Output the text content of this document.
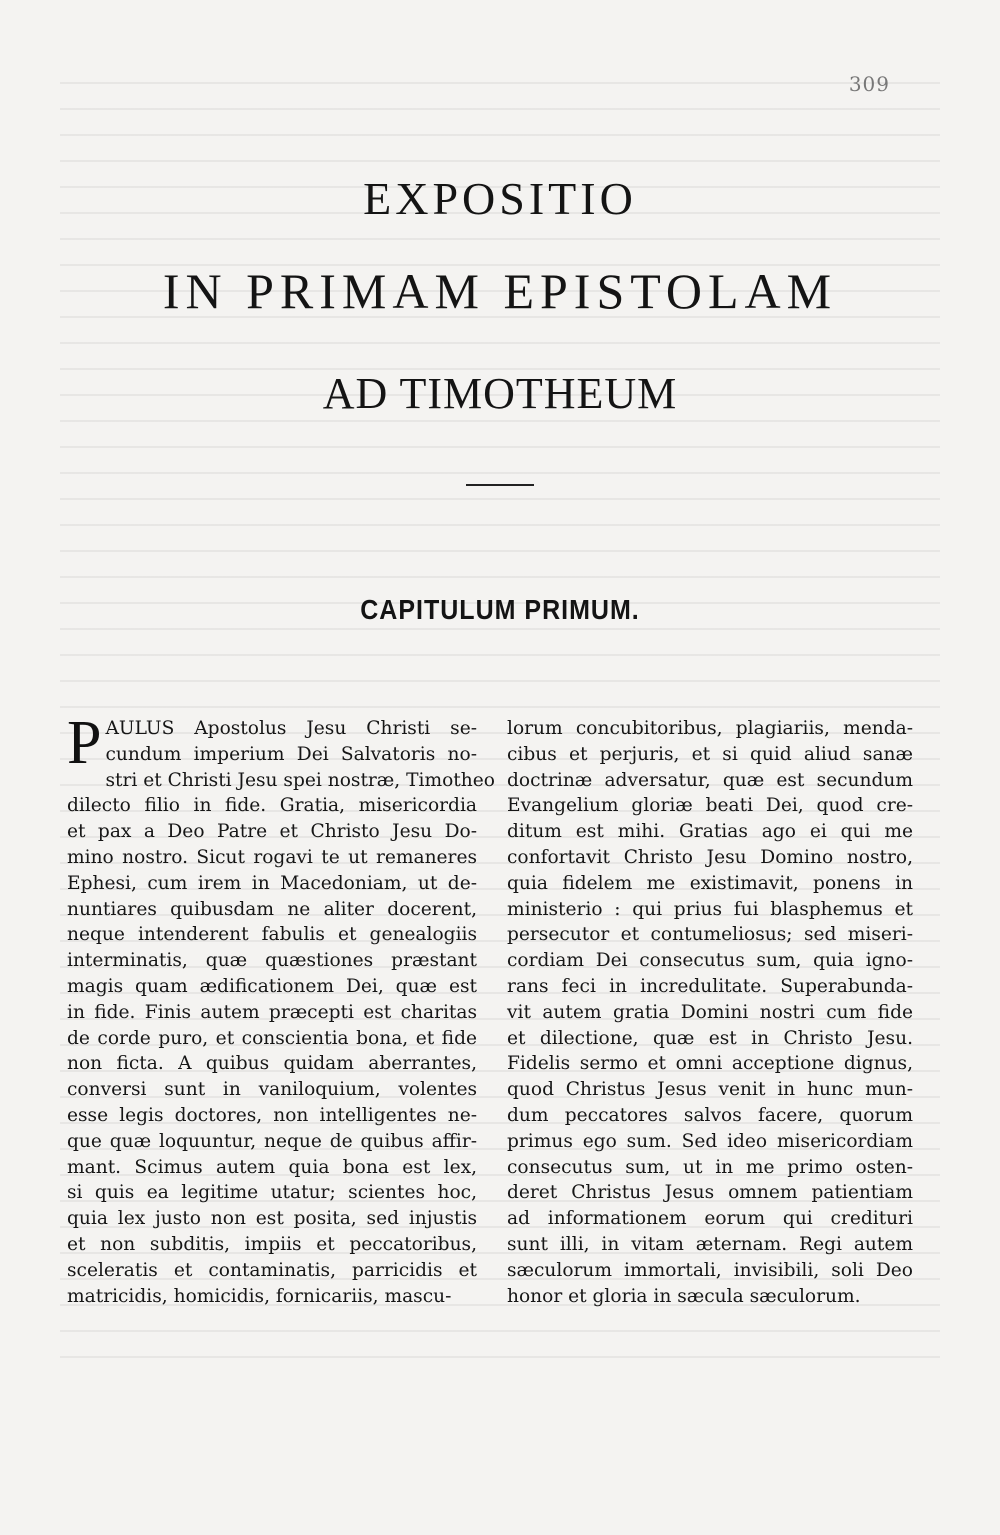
309
EXPOSITIO
IN PRIMAM EPISTOLAM
AD TIMOTHEUM
CAPITULUM PRIMUM.
P AULUS Apostolus Jesu Christi se-
cundum imperium Dei Salvatoris no-
stri et Christi Jesu spei nostræ, Timotheo
dilecto filio in fide. Gratia, misericordia
et pax a Deo Patre et Christo Jesu Do-
mino nostro. Sicut rogavi te ut remaneres
Ephesi, cum irem in Macedoniam, ut de-
nuntiares quibusdam ne aliter docerent,
neque intenderent fabulis et genealogiis
interminatis, quæ quæstiones præstant
magis quam ædificationem Dei, quæ est
in fide. Finis autem præcepti est charitas
de corde puro, et conscientia bona, et fide
non ficta. A quibus quidam aberrantes,
conversi sunt in vaniloquium, volentes
esse legis doctores, non intelligentes ne-
que quæ loquuntur, neque de quibus affir-
mant. Scimus autem quia bona est lex,
si quis ea legitime utatur; scientes hoc,
quia lex justo non est posita, sed injustis
et non subditis, impiis et peccatoribus,
sceleratis et contaminatis, parricidis et
matricidis, homicidis, fornicariis, mascu-
lorum concubitoribus, plagiariis, menda-
cibus et perjuris, et si quid aliud sanæ
doctrinæ adversatur, quæ est secundum
Evangelium gloriæ beati Dei, quod cre-
ditum est mihi. Gratias ago ei qui me
confortavit Christo Jesu Domino nostro,
quia fidelem me existimavit, ponens in
ministerio : qui prius fui blasphemus et
persecutor et contumeliosus; sed miseri-
cordiam Dei consecutus sum, quia igno-
rans feci in incredulitate. Superabunda-
vit autem gratia Domini nostri cum fide
et dilectione, quæ est in Christo Jesu.
Fidelis sermo et omni acceptione dignus,
quod Christus Jesus venit in hunc mun-
dum peccatores salvos facere, quorum
primus ego sum. Sed ideo misericordiam
consecutus sum, ut in me primo osten-
deret Christus Jesus omnem patientiam
ad informationem eorum qui credituri
sunt illi, in vitam æternam. Regi autem
sæculorum immortali, invisibili, soli Deo
honor et gloria in sæcula sæculorum.
